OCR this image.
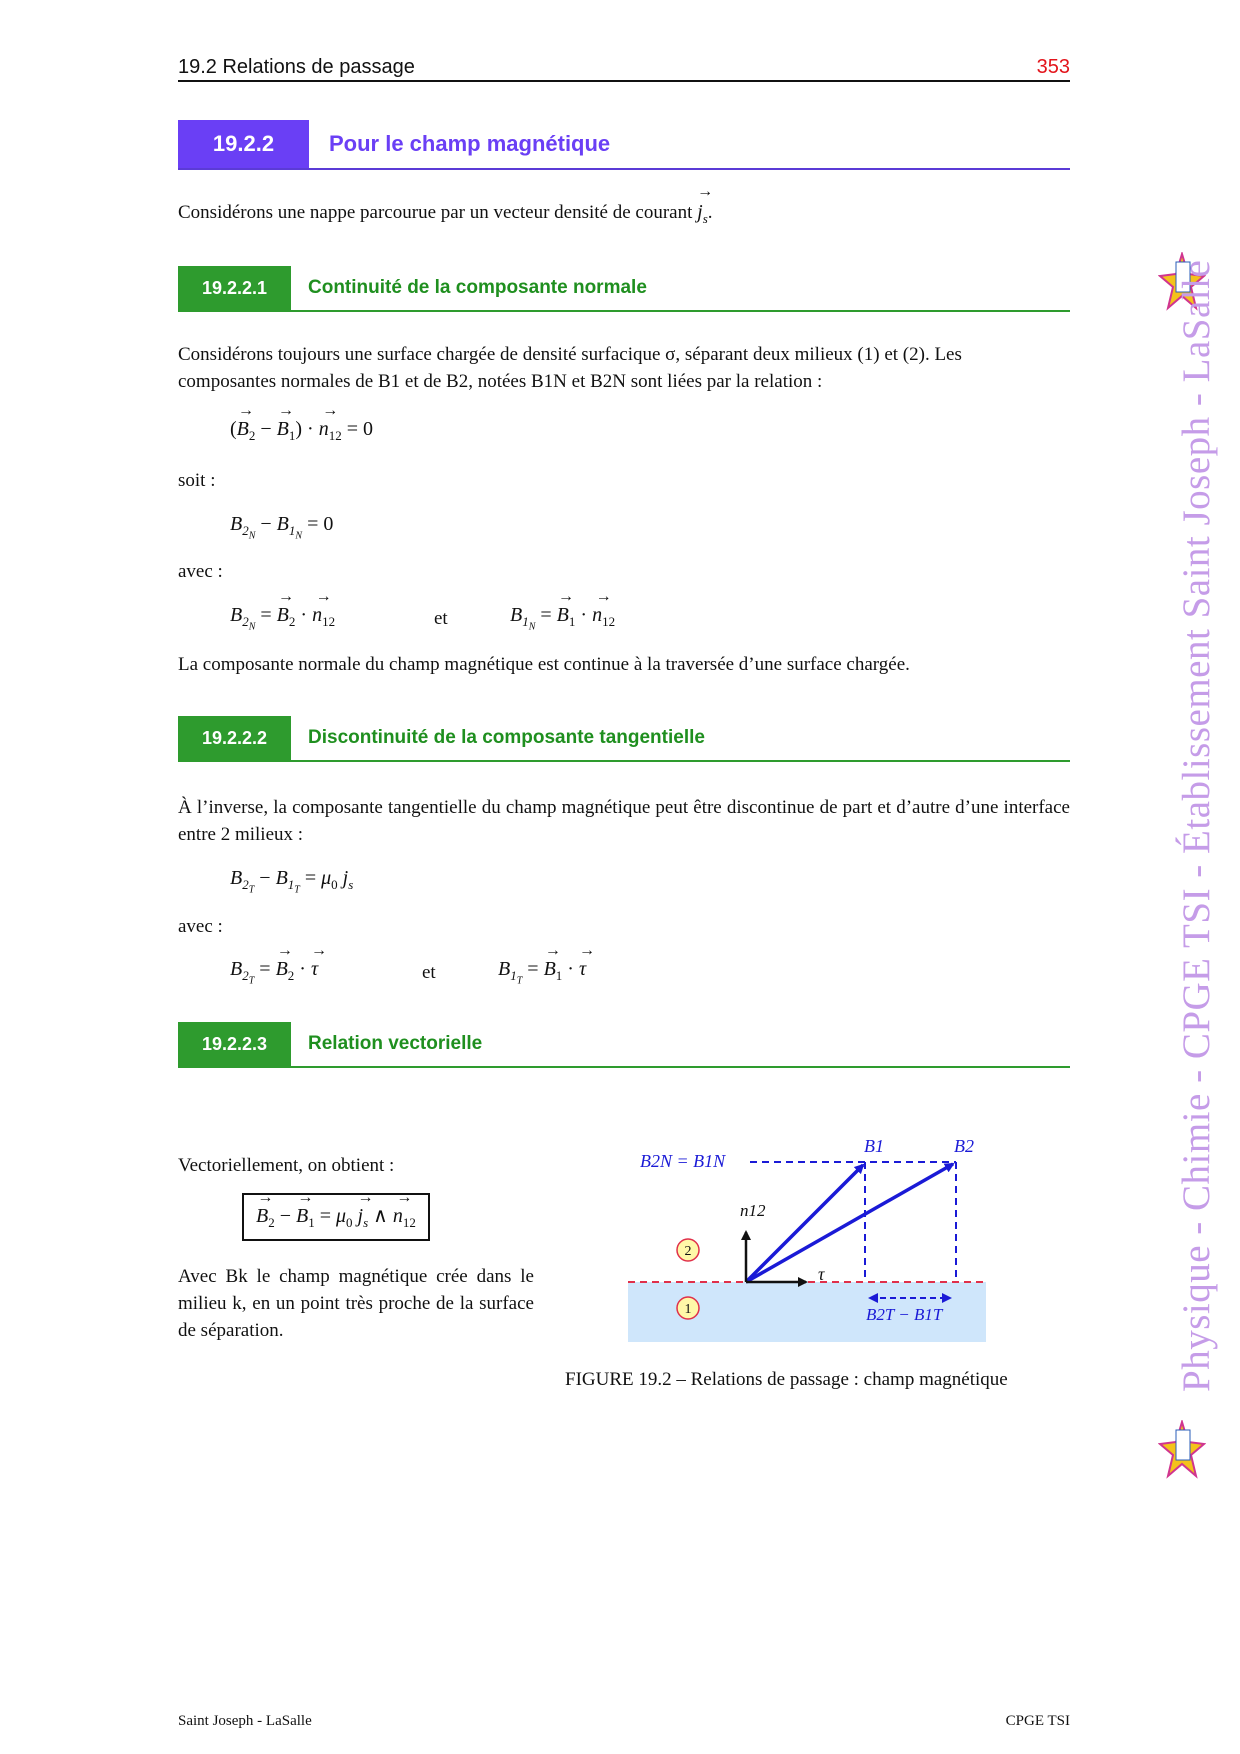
19.2 Relations de passage	353
19.2.2	Pour le champ magnétique
Considérons une nappe parcourue par un vecteur densité de courant → $j_s$.
19.2.2.1	Continuité de la composante normale
Considérons toujours une surface chargée de densité surfacique σ, séparant deux milieux (1) et (2). Les
composantes normales de B1 et de B2, notées B1N et B2N sont liées par la relation :
(→ $B_2$ − → $B_1$) · → $n_{12} = 0$
soit :
$B_{2_N} - B_{1_N} = 0$
avec :
$B_{2_N}$ = → $B_2$ · → $n_{12}$	et	$B_{1_N}$ = → $B_1$ · → $n_{12}$
La composante normale du champ magnétique est continue à la traversée d’une surface chargée.
19.2.2.2	Discontinuité de la composante tangentielle
À l’inverse, la composante tangentielle du champ magnétique peut être discontinue de part et d’autre d’une interface entre 2 milieux :
$B_{2_T} - B_{1_T} = \mu_0$ $j_s$
avec :
$B_{2_T}$ = → $B_2$ · → τ	et	$B_{1_T}$ = → $B_1$ · → τ
19.2.2.3	Relation vectorielle
Vectoriellement, on obtient :
→ $B_2$ − → $B_1 = \mu_0 \to j_s$ ∧ → $n_{12}$
Avec Bk le champ magnétique crée dans le milieu k, en un point très proche de la surface de séparation.
2
1
B2N = B1N
B1	B2
n12
τ
B2T − B1T
FIGURE 19.2 – Relations de passage : champ magnétique	Physique - Chimie - CPGE TSI - Établissement Saint Joseph - LaSalle
Saint Joseph - LaSalle	CPGE TSI
